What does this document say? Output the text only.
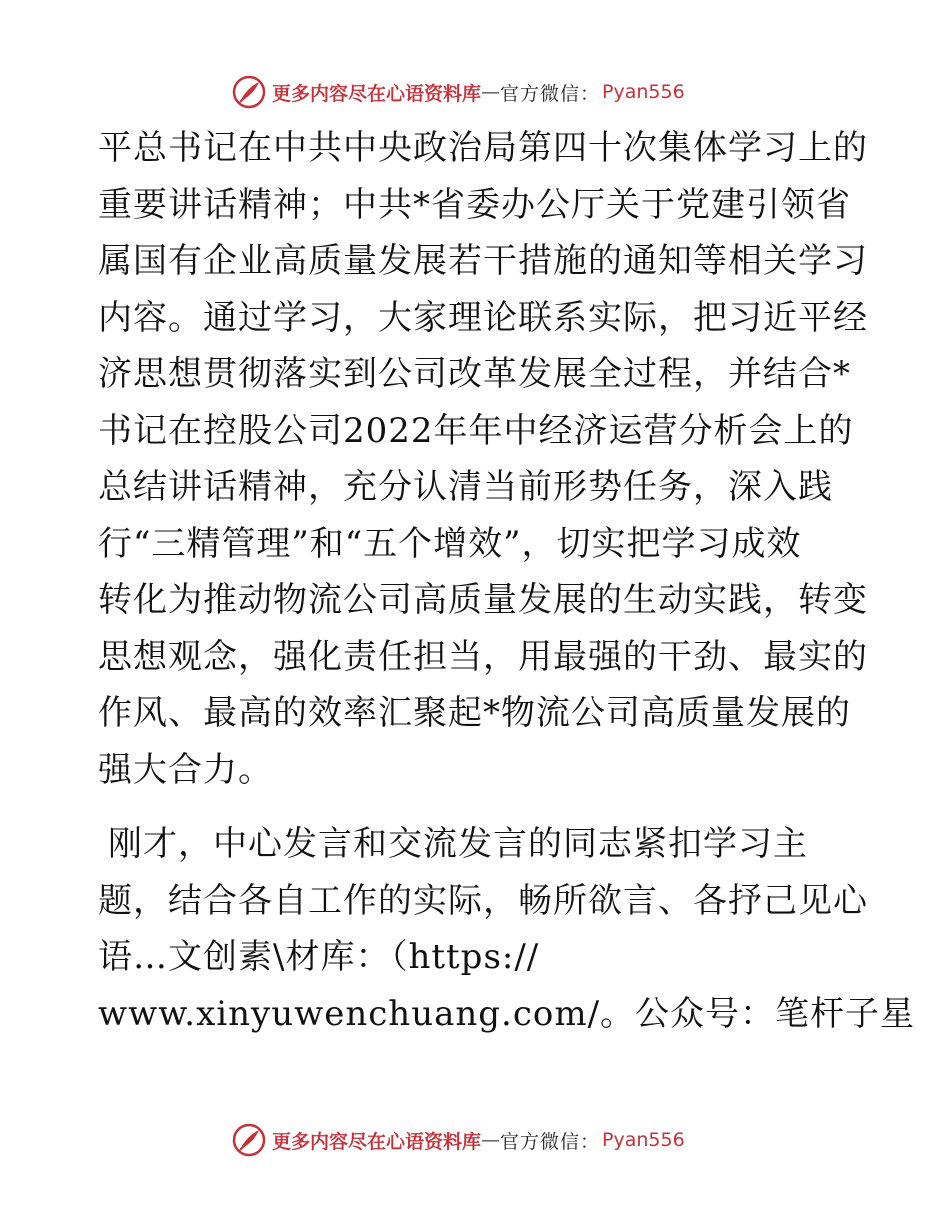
更多内容尽在心语资料库 — 官方微信： Pyan556
平总书记在中共中央政治局第四十次集体学习上的
重要讲话精神；中共*省委办公厅关于党建引领省
属国有企业高质量发展若干措施的通知等相关学习
内容。通过学习，大家理论联系实际，把习近平经
济思想贯彻落实到公司改革发展全过程，并结合*
书记在控股公司2022年年中经济运营分析会上的
总结讲话精神，充分认清当前形势任务，深入践
行“三精管理”和“五个增效”，切实把学习成效
转化为推动物流公司高质量发展的生动实践，转变
思想观念，强化责任担当，用最强的干劲、最实的
作风、最高的效率汇聚起*物流公司高质量发展的
强大合力。
刚才，中心发言和交流发言的同志紧扣学习主
题，结合各自工作的实际，畅所欲言、各抒己见心
语…文创素\材库：（https://
www.xinyuwenchuang.com/。公众号：笔杆子星
更多内容尽在心语资料库 — 官方微信： Pyan556
